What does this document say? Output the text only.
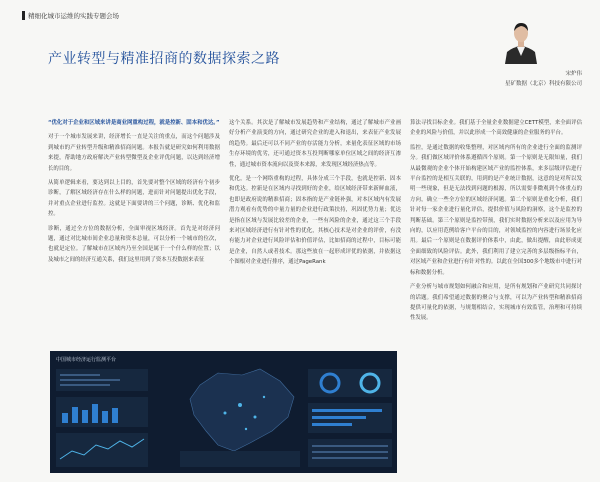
精细化城市运维的实践专题会场
产业转型与精准招商的数据探索之路
宋炉伟
星矿数据（北京）科技有限公司

“优化对于企业和区域来讲是商业网重构过程，就是控新、固本和优达。”

对于一个城市发展来讲，经济增长一直是关注的重点，而这个问题涉及到城市的产业转型升级和精准招商问题。本报告就是研究如何利用数据来提，帮助地方政府解决产业转型微型及企业评优问题，以达到经济增长的目的。

从简单逻辑来看，要达到以上目的，首先要对整个区域的经济有个初步诊断，了解区域经济存在什么样的问题，进而针对问题提出优化手段，并对重点企业进行监控。这就是下面要讲的三个问题，诊断、优化和监控。

诊断，通过全方位的数据分析，全面审视区域经济。首先是对经济问题，通过对比城市间企业总量和资本总量，可以分析一个城市的位次，也就是定位。了解城市在区域内乃至全国是属于一个什么样的位置；以及城市之间的经济互通关系，我们这里用到了资本互投数据来表征

这个关系。其次是了解城市发展趋势和产业结构，通过了解城市产业画好分析产业演变的方向，通过研究企业的进入和退出，来表征产业发展的趋势。最后还可以不同产业的存活能力分析，来量化表征区域的市场生存环境的优劣，还可通过资本互投判断哪家单位区域之间的经济互渗性，通过城市资本流向以及资本来源，来发现区域经济热点等。

优化，是一个网络重构的过程，具体分成三个手段，也就是控新、固本和优达。控新是在区域内寻找到好的企业，给区域经济带来新鲜血液，也即是政府说的精准招商；固本指的是产业链补强，对本区域内有发展潜力观看有优势的中量力量的企业进行政策扶持，巩固优势力量；优达是指在区域与发展比较差的企业，一些有风险的企业，通过这三个手段来对区域经济进行有针对性的优化，其核心技术是对企业的评价，有没有能力对企业进行风险评估和价值评估，比如招商的过程中，目标可能是企业，自然人或者技术。那这些放在一起形成评优的依据，并依据这个图根对企业进行排序，通过PageRank

算法寻找目标企业。我们基于全量企业数据建立CETT模型，来全面评估企业的风险与价值，并以此形成一个高效健康的企业服务的平台。

监控，是通过数据的收集整理，对区域内所有的企业进行全面的监测评分。我们做区域评价体系遵循四个原则。第一个原则是无限知量，我们从最微观的企业个体开始构建区域产业的监控体系，来多层级评估进行平台监控的是相互关联的，用到的是产业统计数据，这意的是对所以发明一些现象，但是无法找到问题的根源，所以需要非微观到个体重点的方向，确立一些全方位的区域经济问题。第二个原则是重化分析，我们针对每一家企业进行量化评估，提供价值与风险的洞察，这个是监控的判断基础。第三个原则是监控带预，我们实时数据分析来以及应用为导向的，以应用范例给客户平台的目的，对领域监控的内容进行场景化应用。最后一个原则是在数据评价体系中，由此，做出提醒，由此形成更全面细致的风险评估。此外，我们利用了建立完善的多层级指标平台，对区域产业和企业进行有针对性的。以此在全国300多个地级市中进行对标和数据分析。

产业分析与城市规划如何融合和应用，是所有规划和产业研究共同探讨的话题。我们希望通过数据的聚合与支撑，可以为产业转型和精准招商提供可量化的依据，与规划相结合，实现城市有效监管，治理和可持续性发展。

中国城市经济运行监测平台
